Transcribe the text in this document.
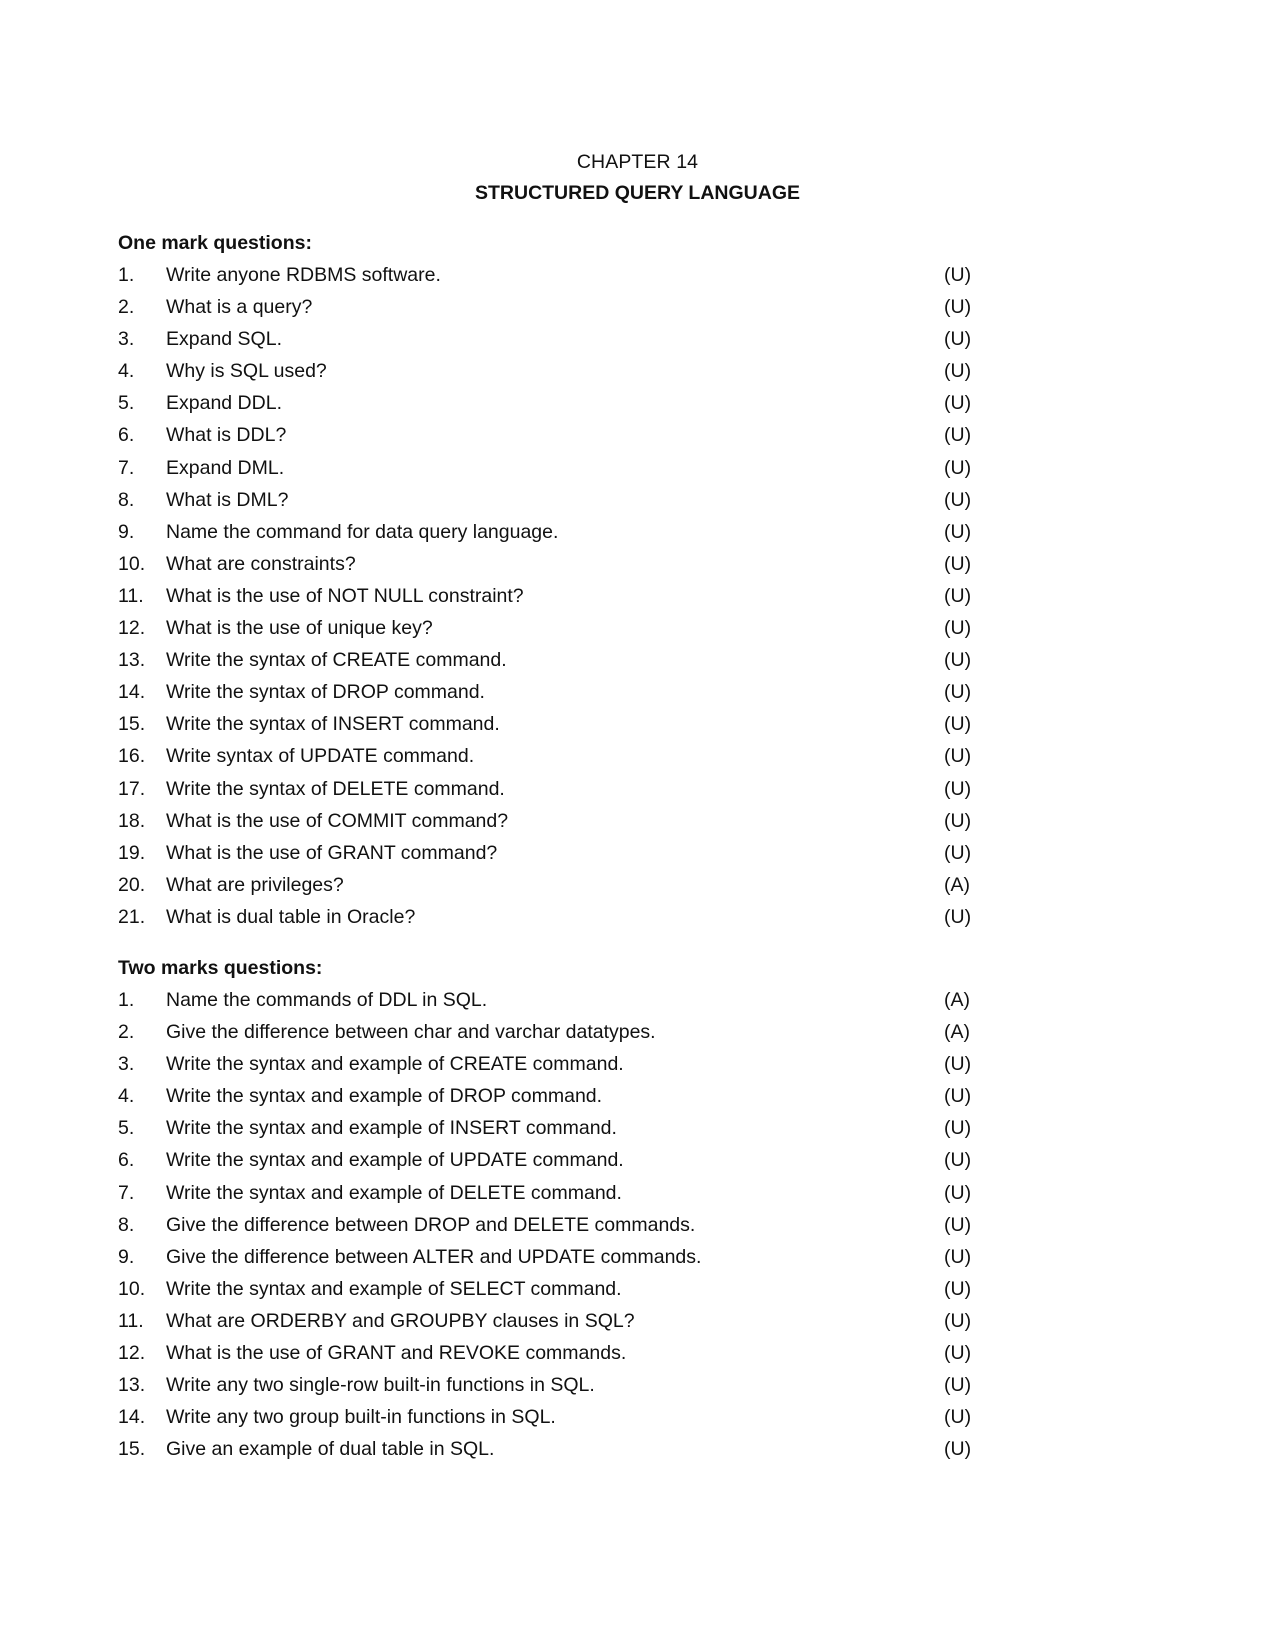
CHAPTER 14
STRUCTURED QUERY LANGUAGE
One mark questions:
1. Write anyone RDBMS software.	(U)
2. What is a query?	(U)
3. Expand SQL.	(U)
4. Why is SQL used?	(U)
5. Expand DDL.	(U)
6. What is DDL?	(U)
7. Expand DML.	(U)
8. What is DML?	(U)
9. Name the command for data query language.	(U)
10. What are constraints?	(U)
11. What is the use of NOT NULL constraint?	(U)
12. What is the use of unique key?	(U)
13. Write the syntax of CREATE command.	(U)
14. Write the syntax of DROP command.	(U)
15. Write the syntax of INSERT command.	(U)
16. Write syntax of UPDATE command.	(U)
17. Write the syntax of DELETE command.	(U)
18. What is the use of COMMIT command?	(U)
19. What is the use of GRANT command?	(U)
20. What are privileges?	(A)
21. What is dual table in Oracle?	(U)
Two marks questions:
1. Name the commands of DDL in SQL.	(A)
2. Give the difference between char and varchar datatypes.	(A)
3. Write the syntax and example of CREATE command.	(U)
4. Write the syntax and example of DROP command.	(U)
5. Write the syntax and example of INSERT command.	(U)
6. Write the syntax and example of UPDATE command.	(U)
7. Write the syntax and example of DELETE command.	(U)
8. Give the difference between DROP and DELETE commands.	(U)
9. Give the difference between ALTER and UPDATE commands.	(U)
10. Write the syntax and example of SELECT command.	(U)
11. What are ORDERBY and GROUPBY clauses in SQL?	(U)
12. What is the use of GRANT and REVOKE commands.	(U)
13. Write any two single-row built-in functions in SQL.	(U)
14. Write any two group built-in functions in SQL.	(U)
15. Give an example of dual table in SQL.	(U)
